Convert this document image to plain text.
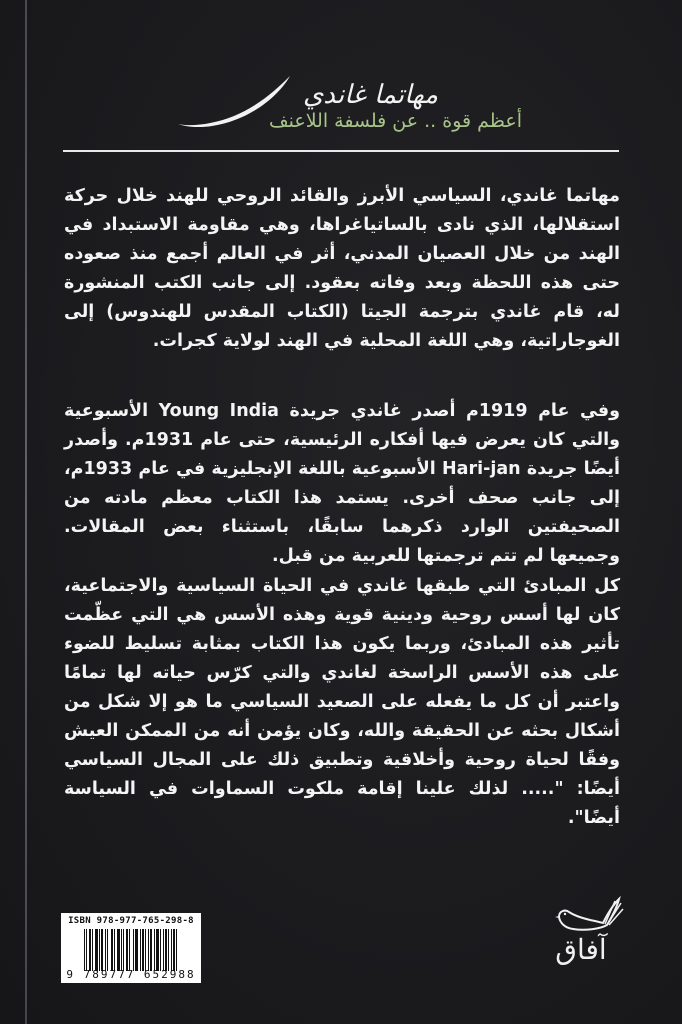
مهاتما غاندي
أعظم قوة .. عن فلسفة اللاعنف

مهاتما غاندي، السياسي الأبرز والقائد الروحي للهند خلال حركة استقلالها، الذي نادى بالساتياغراها، وهي مقاومة الاستبداد في الهند من خلال العصيان المدني، أثر في العالم أجمع منذ صعوده حتى هذه اللحظة وبعد وفاته بعقود. إلى جانب الكتب المنشورة له، قام غاندي بترجمة الجيتا (الكتاب المقدس للهندوس) إلى الغوجاراتية، وهي اللغة المحلية في الهند لولاية كجرات.

وفي عام 1919م أصدر غاندي جريدة Young India الأسبوعية والتي كان يعرض فيها أفكاره الرئيسية، حتى عام 1931م. وأصدر أيضًا جريدة Hari-jan الأسبوعية باللغة الإنجليزية في عام 1933م، إلى جانب صحف أخرى. يستمد هذا الكتاب معظم مادته من الصحيفتين الوارد ذكرهما سابقًا، باستثناء بعض المقالات. وجميعها لم تتم ترجمتها للعربية من قبل.

كل المبادئ التي طبقها غاندي في الحياة السياسية والاجتماعية، كان لها أسس روحية ودينية قوية وهذه الأسس هي التي عظّمت تأثير هذه المبادئ، وربما يكون هذا الكتاب بمثابة تسليط للضوء على هذه الأسس الراسخة لغاندي والتي كرّس حياته لها تمامًا واعتبر أن كل ما يفعله على الصعيد السياسي ما هو إلا شكل من أشكال بحثه عن الحقيقة والله، وكان يؤمن أنه من الممكن العيش وفقًا لحياة روحية وأخلاقية وتطبيق ذلك على المجال السياسي أيضًا: "..... لذلك علينا إقامة ملكوت السماوات في السياسة أيضًا".

ISBN 978-977-765-298-8
9 789777 652988
آفاق
